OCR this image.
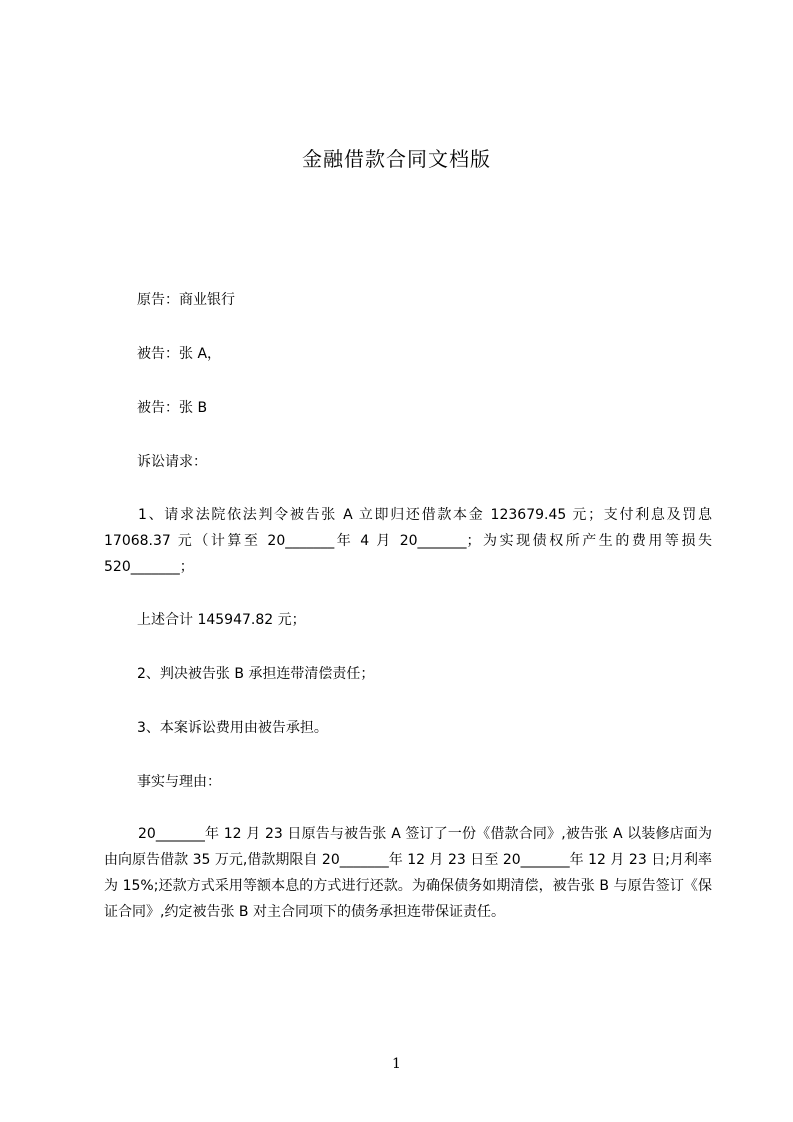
金融借款合同文档版
原告：商业银行
被告：张 A，
被告：张 B
诉讼请求：
1、请求法院依法判令被告张 A 立即归还借款本金 123679.45 元；支付利息及罚息 17068.37 元（计算至 20_______年 4 月 20_______；为实现债权所产生的费用等损失 520_______；
上述合计 145947.82 元；
2、判决被告张 B 承担连带清偿责任；
3、本案诉讼费用由被告承担。
事实与理由：
20_______年 12 月 23 日原告与被告张 A 签订了一份《借款合同》,被告张 A 以装修店面为由向原告借款 35 万元,借款期限自 20_______年 12 月 23 日至 20_______年 12 月 23 日;月利率为 15%;还款方式采用等额本息的方式进行还款。为确保债务如期清偿，被告张 B 与原告签订《保证合同》,约定被告张 B 对主合同项下的债务承担连带保证责任。
1
